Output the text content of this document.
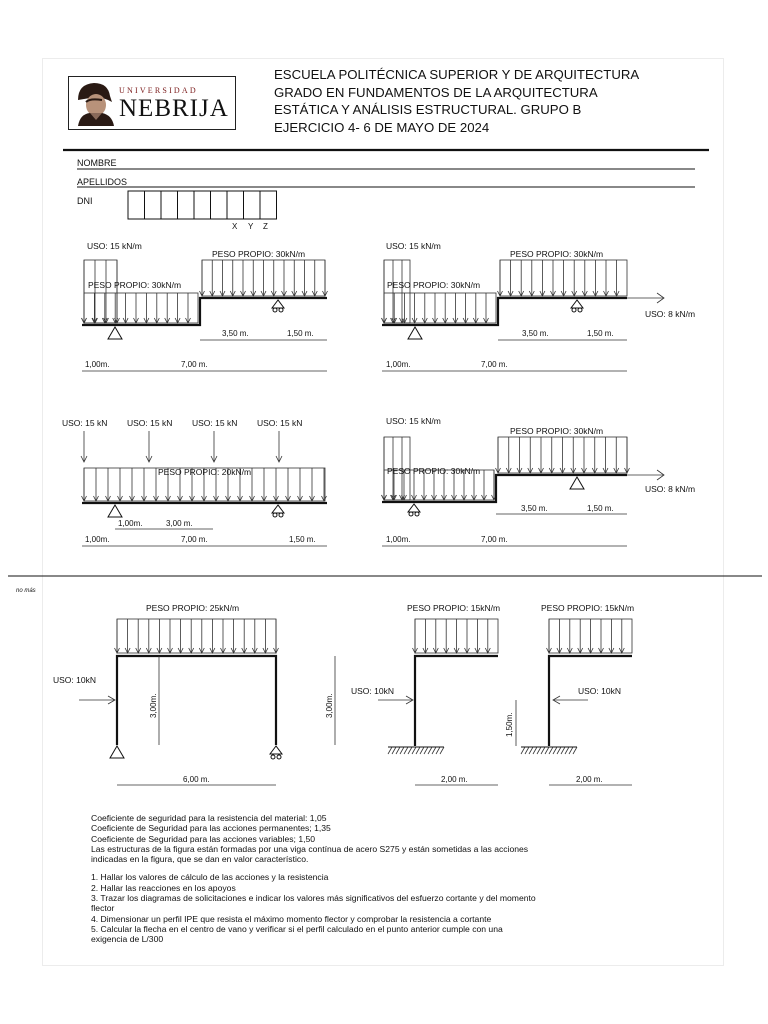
UNIVERSIDAD
NEBRIJA
ESCUELA POLITÉCNICA SUPERIOR Y DE ARQUITECTURA
GRADO EN FUNDAMENTOS DE LA ARQUITECTURA
ESTÁTICA Y ANÁLISIS ESTRUCTURAL. GRUPO B
EJERCICIO 4- 6 DE MAYO DE 2024
NOMBRE
APELLIDOS
DNI
X Y Z
USO: 15 kN/m
PESO PROPIO: 30kN/m
PESO PROPIO: 30kN/m
3,50 m.	1,50 m.
1,00m.	7,00 m.
USO: 15 kN/m
PESO PROPIO: 30kN/m
PESO PROPIO: 30kN/m
USO: 8 kN/m
3,50 m.	1,50 m.
1,00m.	7,00 m.
USO: 15 kN USO: 15 kN USO: 15 kN USO: 15 kN
PESO PROPIO: 20kN/m
1,00m.	3,00 m.
1,00m.	7,00 m.	1,50 m.
USO: 15 kN/m
PESO PROPIO: 30kN/m
PESO PROPIO: 30kN/m
USO: 8 kN/m
3,50 m.	1,50 m.
1,00m.	7,00 m.
no más
PESO PROPIO: 25kN/m
USO: 10kN
3,00m.	3,00m.
6,00 m.
PESO PROPIO: 15kN/m
USO: 10kN
1,50m.
2,00 m.
PESO PROPIO: 15kN/m
USO: 10kN
2,00 m.
Coeficiente de seguridad para la resistencia del material: 1,05
Coeficiente de Seguridad para las acciones permanentes; 1,35
Coeficiente de Seguridad para las acciones variables; 1,50
Las estructuras de la figura están formadas por una viga contínua de acero S275 y están sometidas a las acciones indicadas en la figura, que se dan en valor característico.
1. Hallar los valores de cálculo de las acciones y la resistencia
2. Hallar las reacciones en los apoyos
3. Trazar los diagramas de solicitaciones e indicar los valores más significativos del esfuerzo cortante y del momento flector
4. Dimensionar un perfil IPE que resista el máximo momento flector y comprobar la resistencia a cortante
5. Calcular la flecha en el centro de vano y verificar si el perfil calculado en el punto anterior cumple con una exigencia de L/300
